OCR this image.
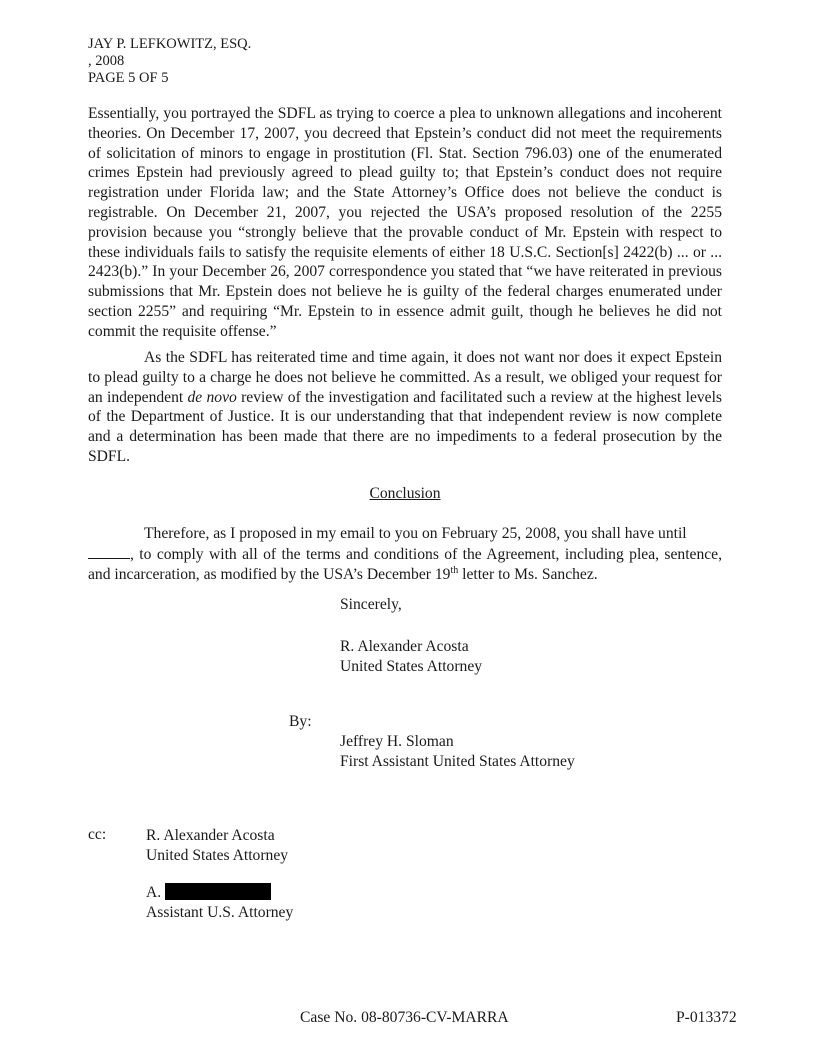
JAY P. LEFKOWITZ, ESQ.
, 2008
PAGE 5 OF 5
Essentially, you portrayed the SDFL as trying to coerce a plea to unknown allegations and incoherent theories. On December 17, 2007, you decreed that Epstein’s conduct did not meet the requirements of solicitation of minors to engage in prostitution (Fl. Stat. Section 796.03) one of the enumerated crimes Epstein had previously agreed to plead guilty to; that Epstein’s conduct does not require registration under Florida law; and the State Attorney’s Office does not believe the conduct is registrable. On December 21, 2007, you rejected the USA’s proposed resolution of the 2255 provision because you “strongly believe that the provable conduct of Mr. Epstein with respect to these individuals fails to satisfy the requisite elements of either 18 U.S.C. Section[s] 2422(b) ... or ... 2423(b).” In your December 26, 2007 correspondence you stated that “we have reiterated in previous submissions that Mr. Epstein does not believe he is guilty of the federal charges enumerated under section 2255” and requiring “Mr. Epstein to in essence admit guilt, though he believes he did not commit the requisite offense.”
As the SDFL has reiterated time and time again, it does not want nor does it expect Epstein to plead guilty to a charge he does not believe he committed. As a result, we obliged your request for an independent de novo review of the investigation and facilitated such a review at the highest levels of the Department of Justice. It is our understanding that that independent review is now complete and a determination has been made that there are no impediments to a federal prosecution by the SDFL.
Conclusion
Therefore, as I proposed in my email to you on February 25, 2008, you shall have until
, to comply with all of the terms and conditions of the Agreement, including plea, sentence, and incarceration, as modified by the USA’s December 19th letter to Ms. Sanchez.
Sincerely,
R. Alexander Acosta
United States Attorney
By:
Jeffrey H. Sloman
First Assistant United States Attorney
cc:	R. Alexander Acosta
United States Attorney
A.
Assistant U.S. Attorney
Case No. 08-80736-CV-MARRA	P-013372
